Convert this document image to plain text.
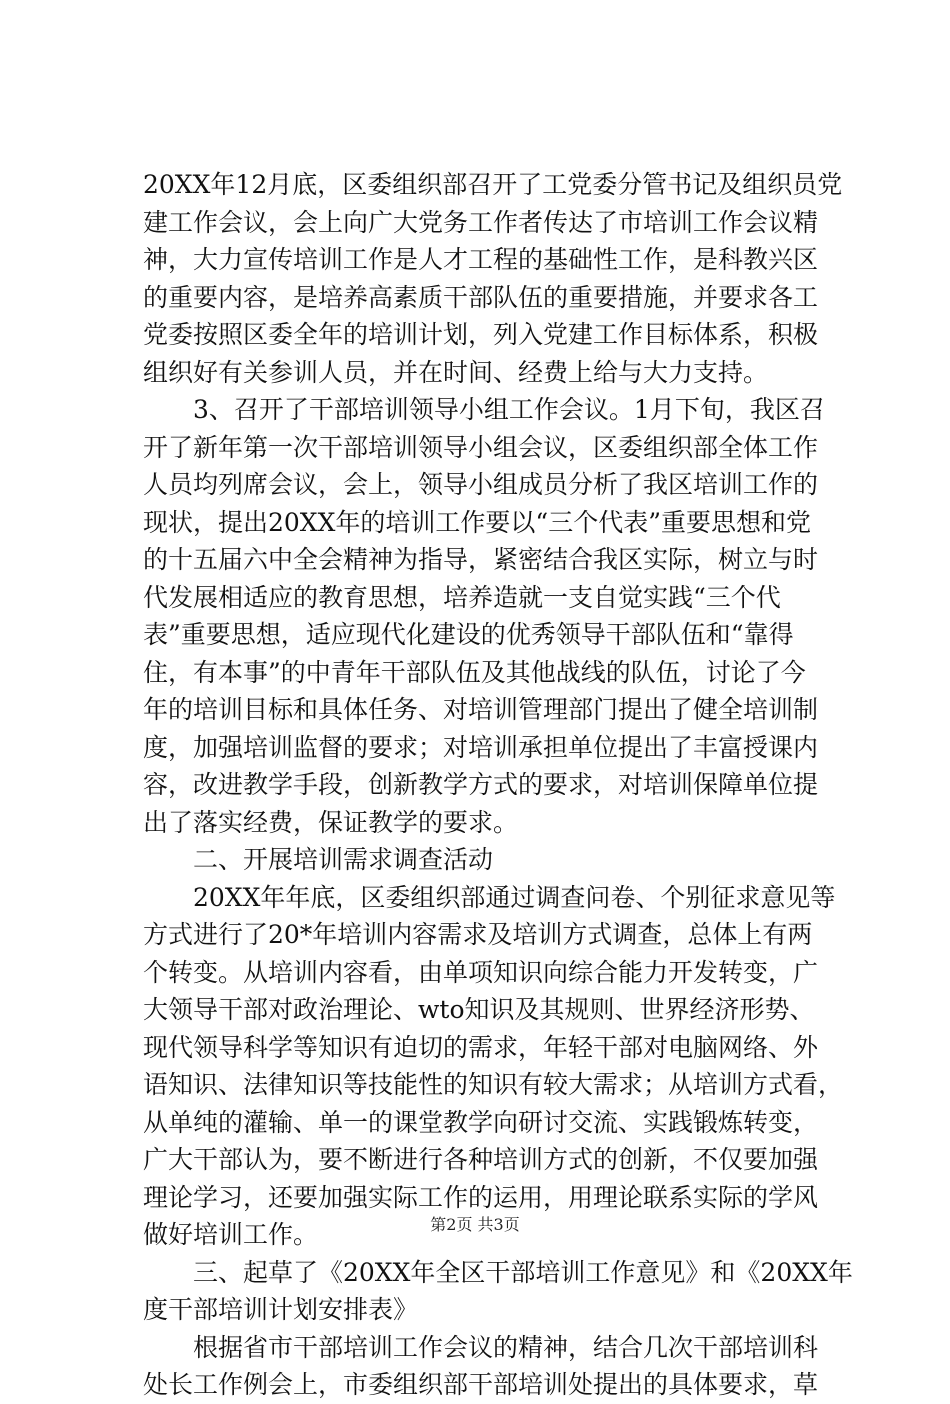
20XX年12月底，区委组织部召开了工党委分管书记及组织员党
建工作会议，会上向广大党务工作者传达了市培训工作会议精
神，大力宣传培训工作是人才工程的基础性工作，是科教兴区
的重要内容，是培养高素质干部队伍的重要措施，并要求各工
党委按照区委全年的培训计划，列入党建工作目标体系，积极
组织好有关参训人员，并在时间、经费上给与大力支持。
3、召开了干部培训领导小组工作会议。1月下旬，我区召
开了新年第一次干部培训领导小组会议，区委组织部全体工作
人员均列席会议，会上，领导小组成员分析了我区培训工作的
现状，提出20XX年的培训工作要以“三个代表”重要思想和党
的十五届六中全会精神为指导，紧密结合我区实际，树立与时
代发展相适应的教育思想，培养造就一支自觉实践“三个代
表”重要思想，适应现代化建设的优秀领导干部队伍和“靠得
住，有本事”的中青年干部队伍及其他战线的队伍，讨论了今
年的培训目标和具体任务、对培训管理部门提出了健全培训制
度，加强培训监督的要求；对培训承担单位提出了丰富授课内
容，改进教学手段，创新教学方式的要求，对培训保障单位提
出了落实经费，保证教学的要求。
二、开展培训需求调查活动
20XX年年底，区委组织部通过调查问卷、个别征求意见等
方式进行了20*年培训内容需求及培训方式调查，总体上有两
个转变。从培训内容看，由单项知识向综合能力开发转变，广
大领导干部对政治理论、wto知识及其规则、世界经济形势、
现代领导科学等知识有迫切的需求，年轻干部对电脑网络、外
语知识、法律知识等技能性的知识有较大需求；从培训方式看，
从单纯的灌输、单一的课堂教学向研讨交流、实践锻炼转变，
广大干部认为，要不断进行各种培训方式的创新，不仅要加强
理论学习，还要加强实际工作的运用，用理论联系实际的学风
做好培训工作。
三、起草了《20XX年全区干部培训工作意见》和《20XX年
度干部培训计划安排表》
根据省市干部培训工作会议的精神，结合几次干部培训科
处长工作例会上，市委组织部干部培训处提出的具体要求，草
第2页 共3页
